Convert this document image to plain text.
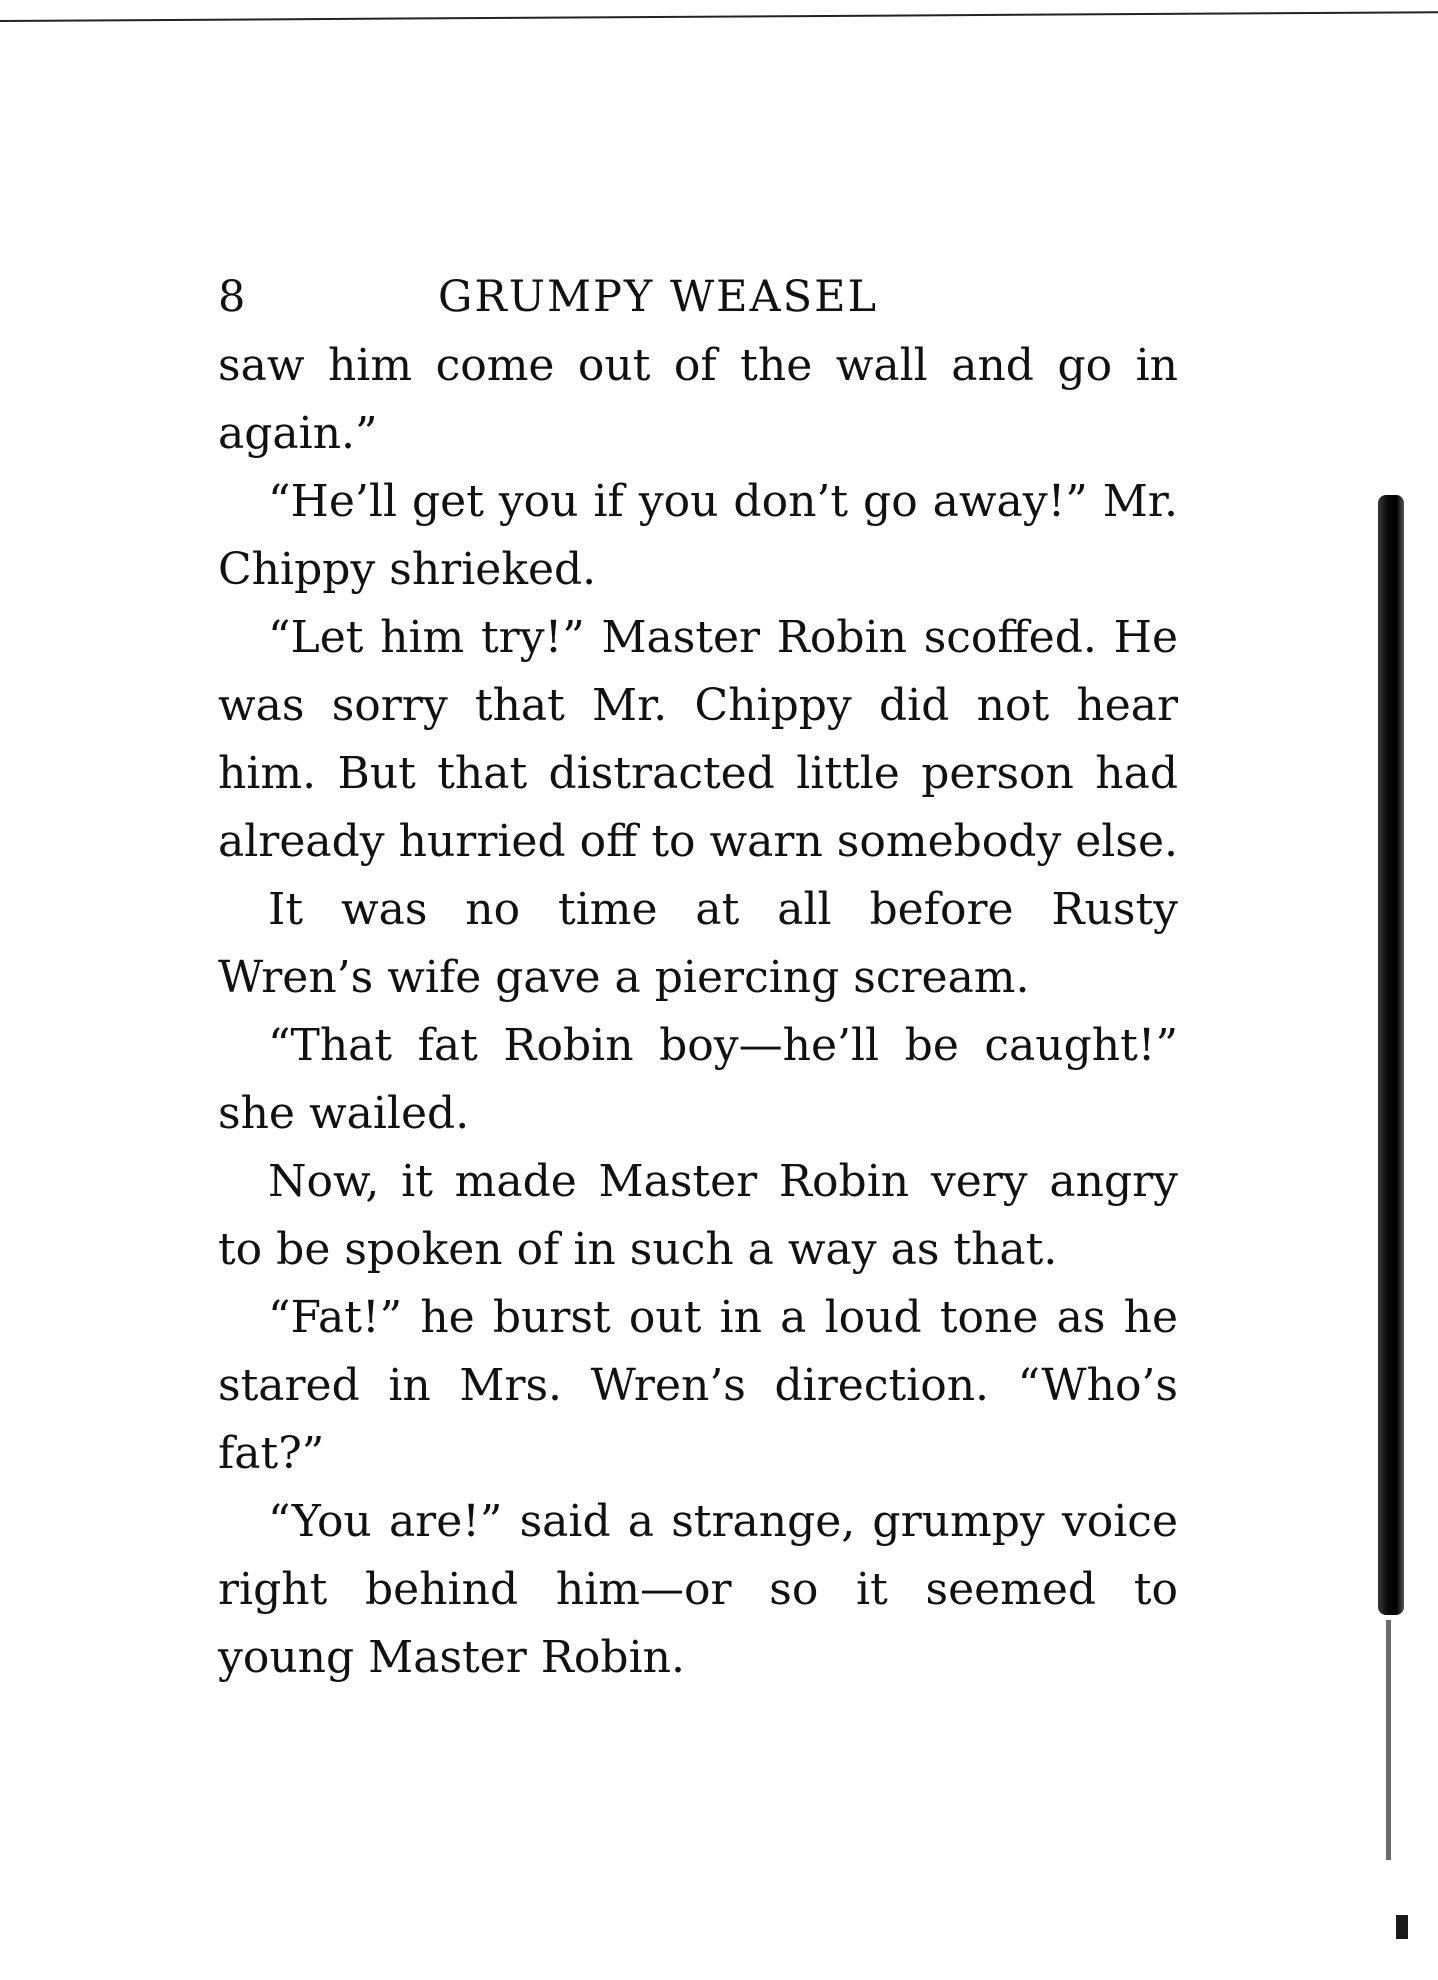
8	GRUMPY WEASEL

saw him come out of the wall and go in again.”

“He’ll get you if you don’t go away!” Mr. Chippy shrieked.

“Let him try!” Master Robin scoffed. He was sorry that Mr. Chippy did not hear him. But that distracted little person had already hurried off to warn somebody else.

It was no time at all before Rusty Wren’s wife gave a piercing scream.

“That fat Robin boy—he’ll be caught!” she wailed.

Now, it made Master Robin very angry to be spoken of in such a way as that.

“Fat!” he burst out in a loud tone as he stared in Mrs. Wren’s direction. “Who’s fat?”

“You are!” said a strange, grumpy voice right behind him—or so it seemed to young Master Robin.
